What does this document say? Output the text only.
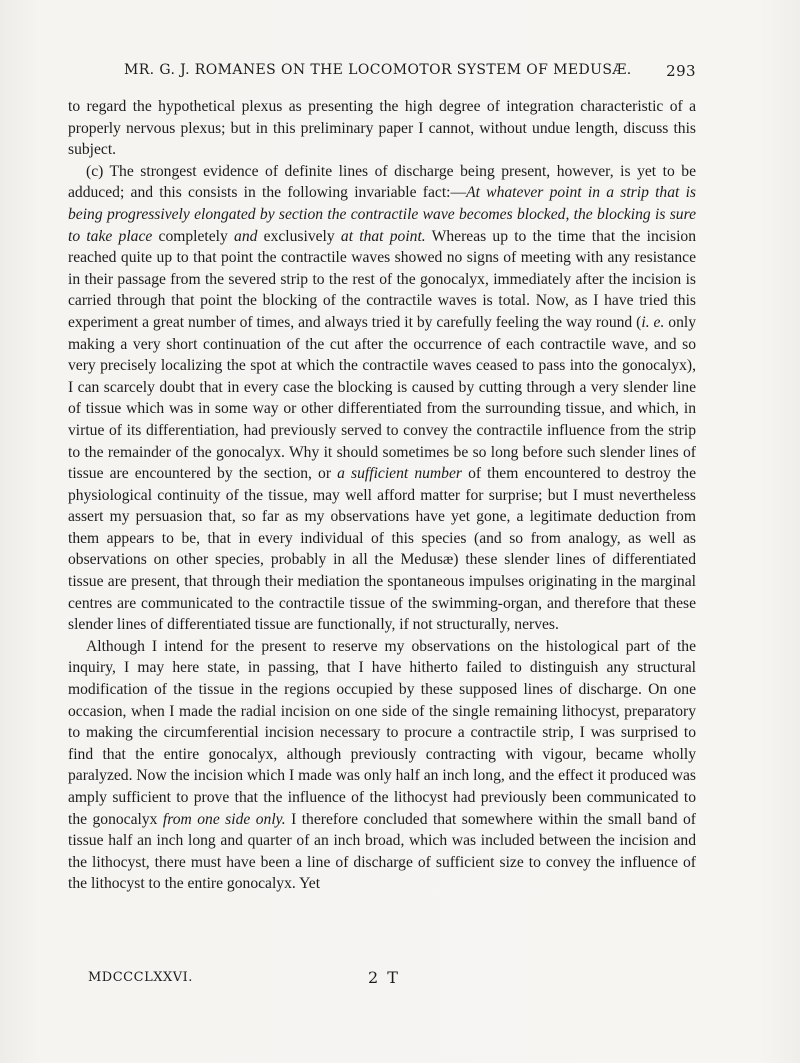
MR. G. J. ROMANES ON THE LOCOMOTOR SYSTEM OF MEDUSÆ. 293

to regard the hypothetical plexus as presenting the high degree of integration characteristic of a properly nervous plexus; but in this preliminary paper I cannot, without undue length, discuss this subject.

(c) The strongest evidence of definite lines of discharge being present, however, is yet to be adduced; and this consists in the following invariable fact:—At whatever point in a strip that is being progressively elongated by section the contractile wave becomes blocked, the blocking is sure to take place completely and exclusively at that point. Whereas up to the time that the incision reached quite up to that point the contractile waves showed no signs of meeting with any resistance in their passage from the severed strip to the rest of the gonocalyx, immediately after the incision is carried through that point the blocking of the contractile waves is total. Now, as I have tried this experiment a great number of times, and always tried it by carefully feeling the way round (i. e. only making a very short continuation of the cut after the occurrence of each contractile wave, and so very precisely localizing the spot at which the contractile waves ceased to pass into the gonocalyx), I can scarcely doubt that in every case the blocking is caused by cutting through a very slender line of tissue which was in some way or other differentiated from the surrounding tissue, and which, in virtue of its differentiation, had previously served to convey the contractile influence from the strip to the remainder of the gonocalyx. Why it should sometimes be so long before such slender lines of tissue are encountered by the section, or a sufficient number of them encountered to destroy the physiological continuity of the tissue, may well afford matter for surprise; but I must nevertheless assert my persuasion that, so far as my observations have yet gone, a legitimate deduction from them appears to be, that in every individual of this species (and so from analogy, as well as observations on other species, probably in all the Medusæ) these slender lines of differentiated tissue are present, that through their mediation the spontaneous impulses originating in the marginal centres are communicated to the contractile tissue of the swimming-organ, and therefore that these slender lines of differentiated tissue are functionally, if not structurally, nerves.

Although I intend for the present to reserve my observations on the histological part of the inquiry, I may here state, in passing, that I have hitherto failed to distinguish any structural modification of the tissue in the regions occupied by these supposed lines of discharge. On one occasion, when I made the radial incision on one side of the single remaining lithocyst, preparatory to making the circumferential incision necessary to procure a contractile strip, I was surprised to find that the entire gonocalyx, although previously contracting with vigour, became wholly paralyzed. Now the incision which I made was only half an inch long, and the effect it produced was amply sufficient to prove that the influence of the lithocyst had previously been communicated to the gonocalyx from one side only. I therefore concluded that somewhere within the small band of tissue half an inch long and quarter of an inch broad, which was included between the incision and the lithocyst, there must have been a line of discharge of sufficient size to convey the influence of the lithocyst to the entire gonocalyx. Yet

MDCCCLXXVI.	2 T
